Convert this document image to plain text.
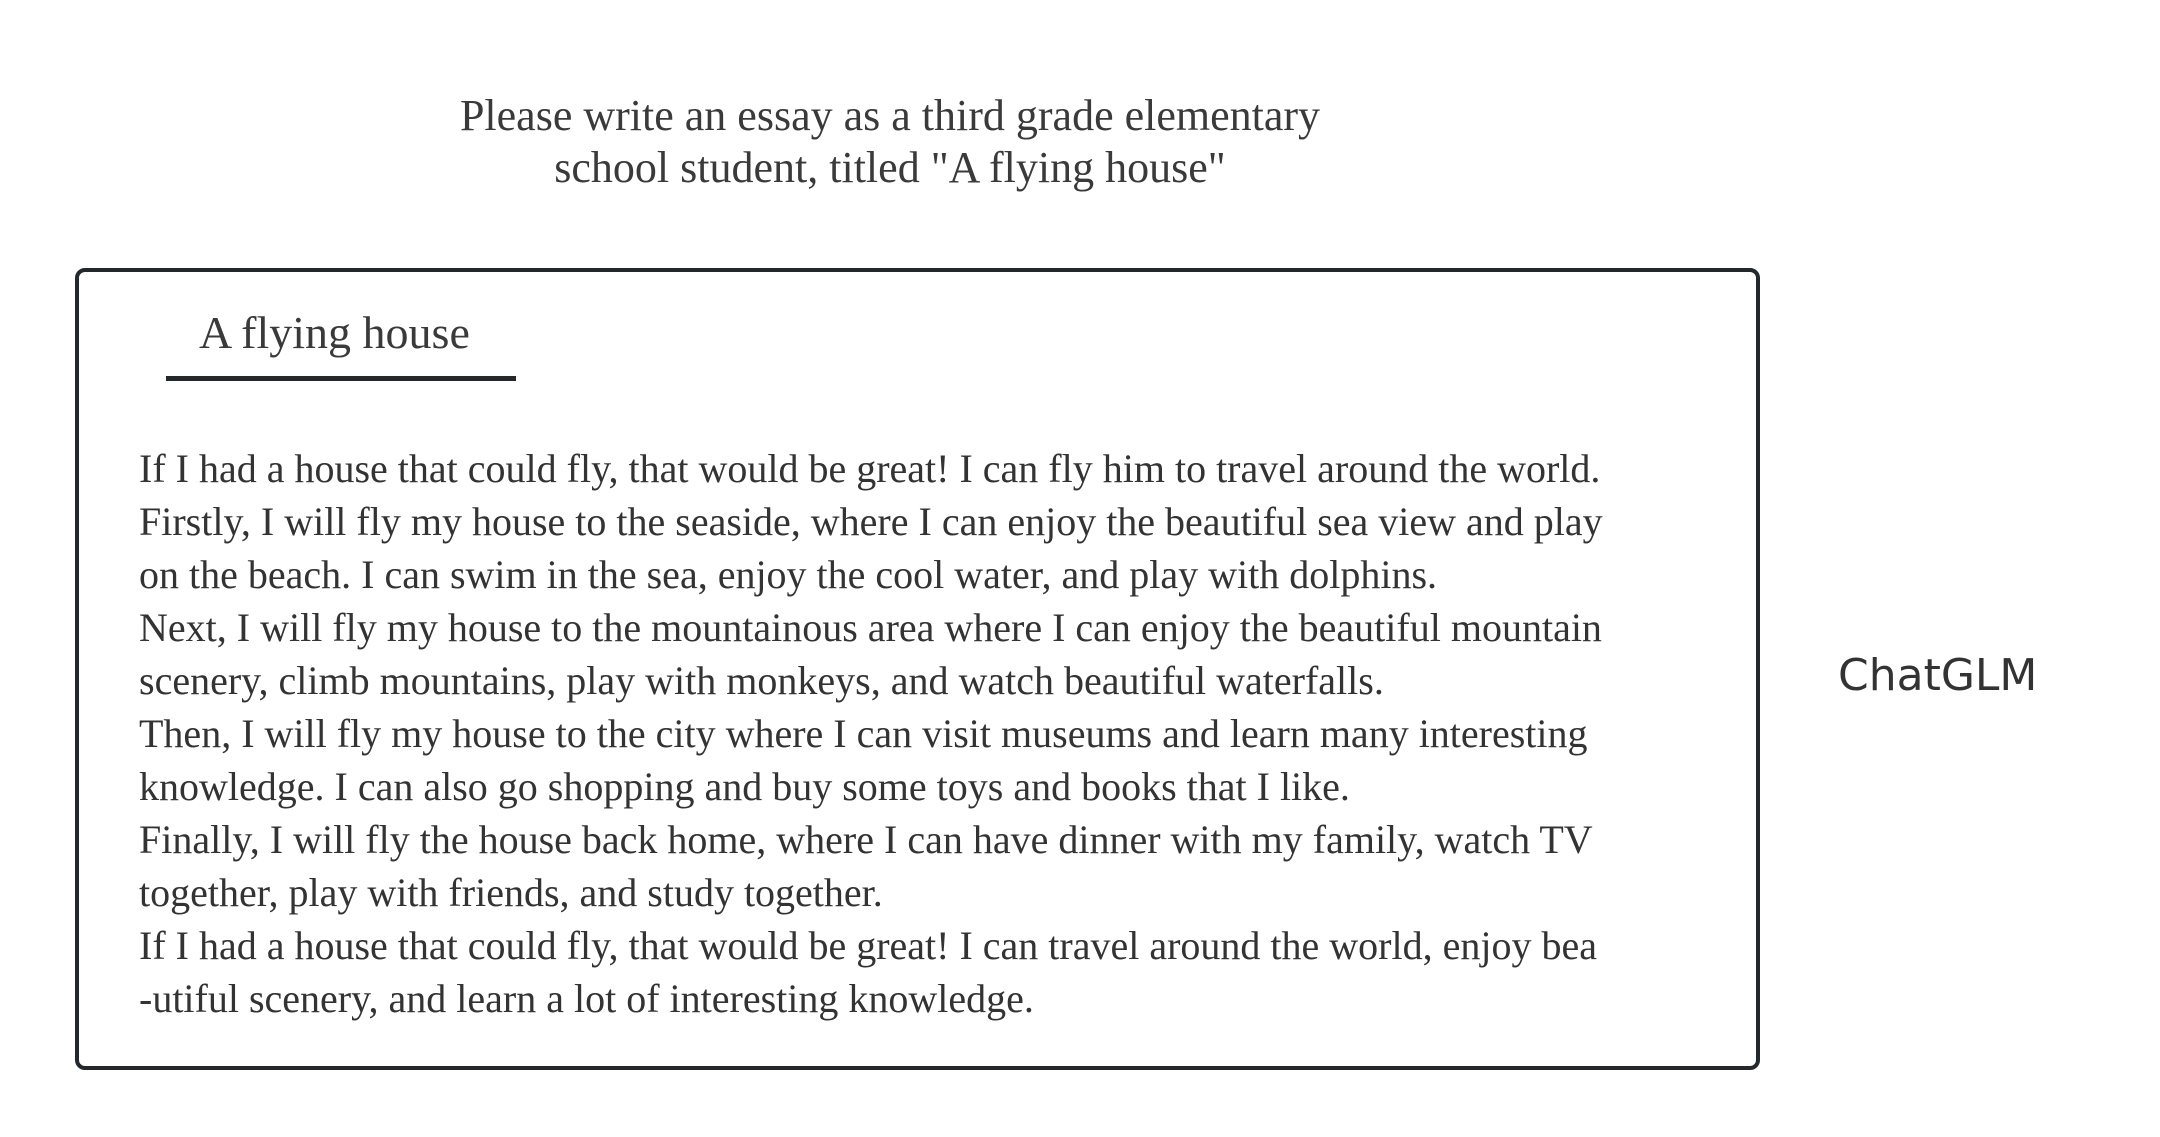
Please write an essay as a third grade elementary
school student, titled "A flying house"
A flying house
If I had a house that could fly, that would be great! I can fly him to travel around the world.
Firstly, I will fly my house to the seaside, where I can enjoy the beautiful sea view and play
on the beach. I can swim in the sea, enjoy the cool water, and play with dolphins.
Next, I will fly my house to the mountainous area where I can enjoy the beautiful mountain
scenery, climb mountains, play with monkeys, and watch beautiful waterfalls.
Then, I will fly my house to the city where I can visit museums and learn many interesting
knowledge. I can also go shopping and buy some toys and books that I like.
Finally, I will fly the house back home, where I can have dinner with my family, watch TV
together, play with friends, and study together.
If I had a house that could fly, that would be great! I can travel around the world, enjoy bea
-utiful scenery, and learn a lot of interesting knowledge.
ChatGLM
